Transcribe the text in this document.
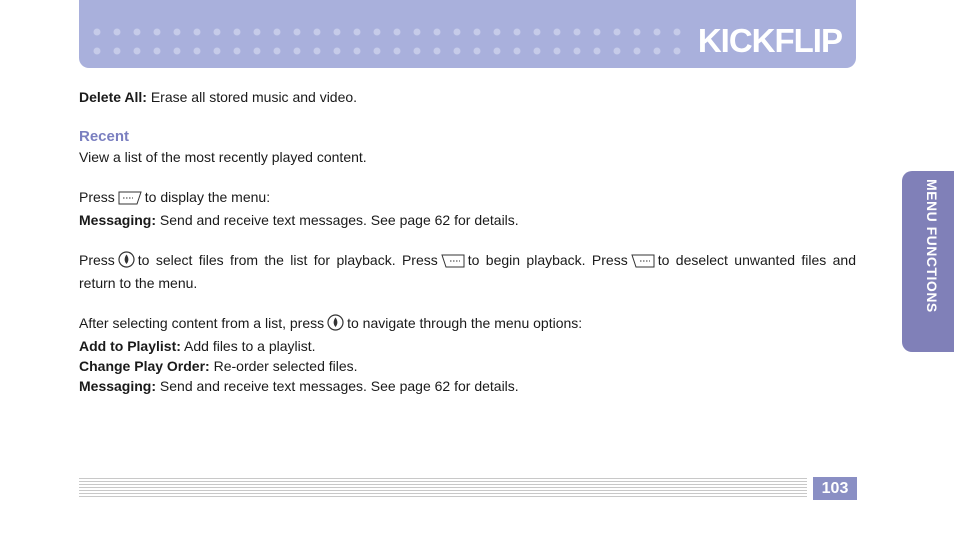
KICKFLIP
MENU FUNCTIONS

Delete All: Erase all stored music and video.

Recent

View a list of the most recently played content.

Press to display the menu:

Messaging: Send and receive text messages. See page 62 for details.

Press to select files from the list for playback. Press to begin playback. Press to deselect unwanted files and return to the menu.

After selecting content from a list, press to navigate through the menu options:

Add to Playlist: Add files to a playlist.

Change Play Order: Re-order selected files.

Messaging: Send and receive text messages. See page 62 for details.

103
